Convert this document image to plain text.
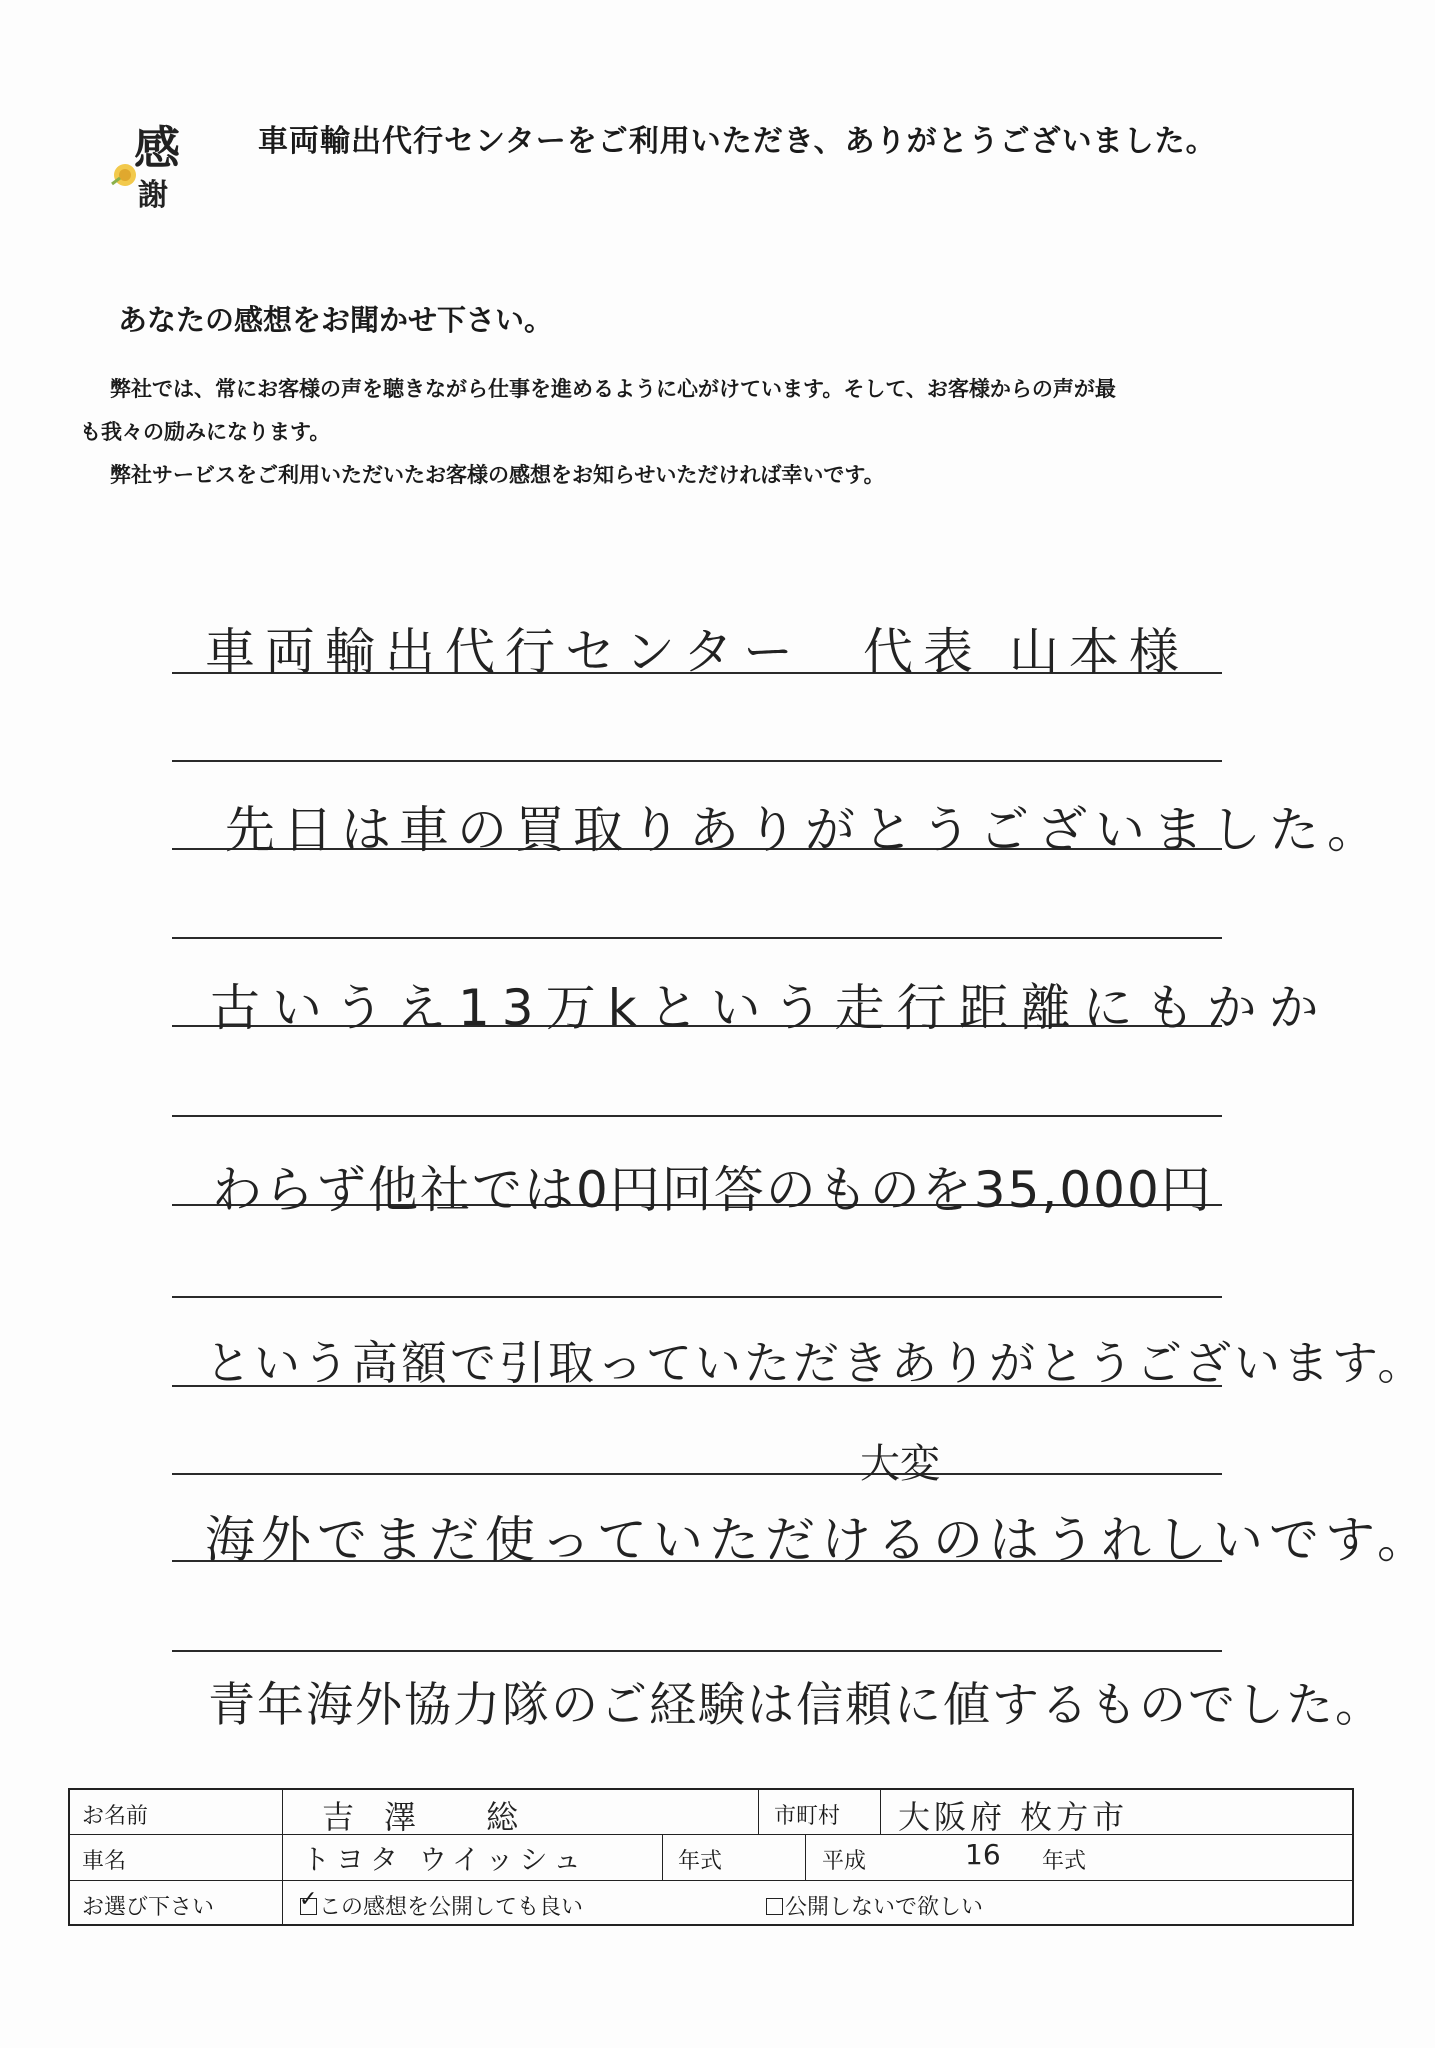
感
謝
車両輸出代行センターをご利用いただき、ありがとうございました。
あなたの感想をお聞かせ下さい。

弊社では、常にお客様の声を聴きながら仕事を進めるように心がけています。そして、お客様からの声が最

も我々の励みになります。

弊社サービスをご利用いただいたお客様の感想をお知らせいただければ幸いです。

車両輸出代行センター　代表 山本様
先日は車の買取りありがとうございました。
古いうえ13万kという走行距離にもかか
わらず他社では0円回答のものを35,000円
という高額で引取っていただきありがとうございます。
大変
海外でまだ使っていただけるのはうれしいです。
青年海外協力隊のご経験は信頼に値するものでした。
お名前	吉澤 総	市町村 大阪府 枚方市
車名	トヨタ ウイッシュ	年式	平成	16 年式
お選び下さい	✓ この感想を公開しても良い	公開しないで欲しい
